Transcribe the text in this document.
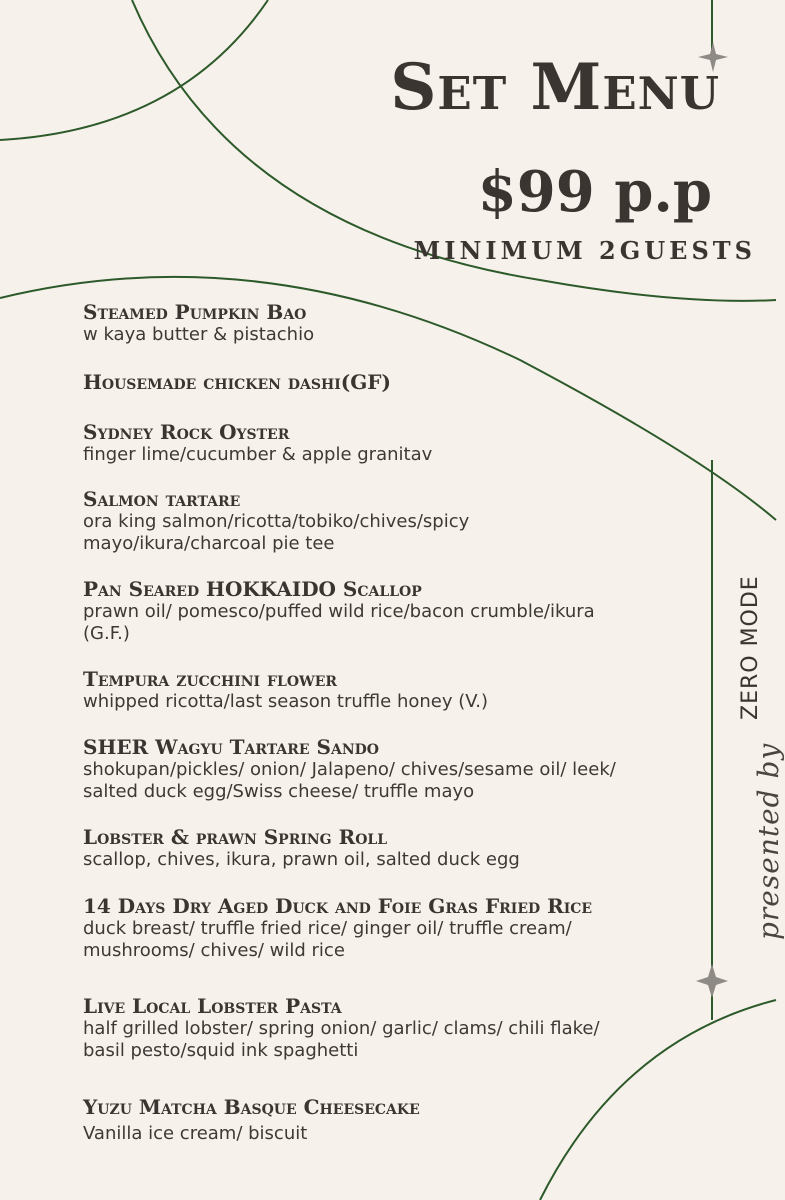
Set Menu
$99 p.p
MINIMUM 2GUESTS
Steamed Pumpkin Bao
w kaya butter & pistachio
Housemade chicken dashi(GF)
Sydney Rock Oyster
finger lime/cucumber & apple granitav
Salmon tartare
ora king salmon/ricotta/tobiko/chives/spicy
mayo/ikura/charcoal pie tee
Pan Seared HOKKAIDO Scallop
prawn oil/ pomesco/puffed wild rice/bacon crumble/ikura
(G.F.)
Tempura zucchini flower
whipped ricotta/last season truffle honey (V.)
SHER Wagyu Tartare Sando
shokupan/pickles/ onion/ Jalapeno/ chives/sesame oil/ leek/
salted duck egg/Swiss cheese/ truffle mayo
Lobster & prawn Spring Roll
scallop, chives, ikura, prawn oil, salted duck egg
14 Days Dry Aged Duck and Foie Gras Fried Rice
duck breast/ truffle fried rice/ ginger oil/ truffle cream/
mushrooms/ chives/ wild rice
Live Local Lobster Pasta
half grilled lobster/ spring onion/ garlic/ clams/ chili flake/
basil pesto/squid ink spaghetti
Yuzu Matcha Basque Cheesecake
Vanilla ice cream/ biscuit
ZERO MODE
presented by
